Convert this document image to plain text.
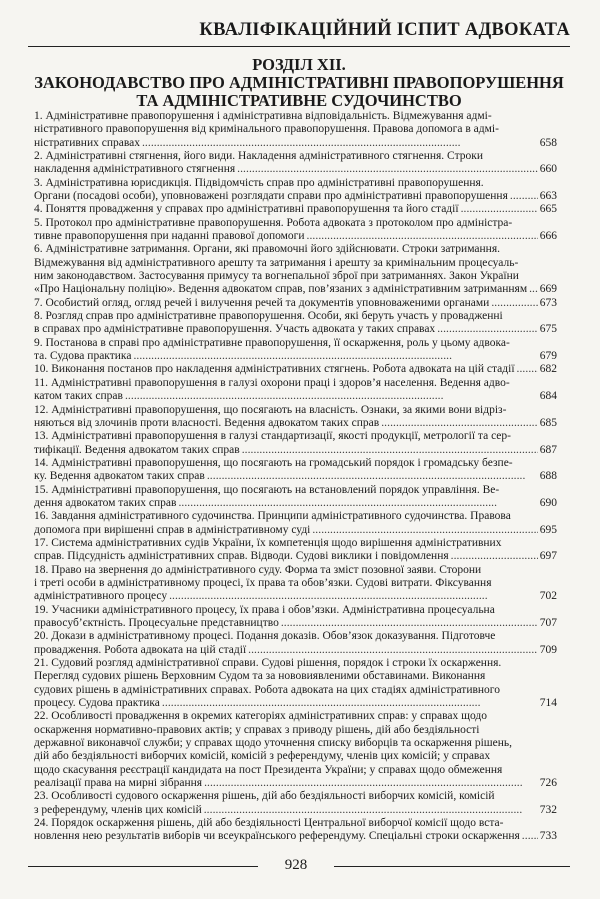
КВАЛІФІКАЦІЙНИЙ ІСПИТ АДВОКАТА
РОЗДІЛ XII.
ЗАКОНОДАВСТВО ПРО АДМІНІСТРАТИВНІ ПРАВОПОРУШЕННЯ
ТА АДМІНІСТРАТИВНЕ СУДОЧИНСТВО
1. Адміністративне правопорушення і адміністративна відповідальність. Відмежування адмі-
ністративного правопорушення від кримінального правопорушення. Правова допомога в адмі-
ністративних справах . . .	658
2. Адміністративні стягнення, його види. Накладення адміністративного стягнення. Строки
накладення адміністративного стягнення . . .	660
3. Адміністративна юрисдикція. Підвідомчість справ про адміністративні правопорушення.
Органи (посадові особи), уповноважені розглядати справи про адміністративні правопорушення . . .	663
4. Поняття провадження у справах про адміністративні правопорушення та його стадії . . .	665
5. Протокол про адміністративне правопорушення. Робота адвоката з протоколом про адміністра-
тивне правопорушення при наданні правової допомоги . . .	666
6. Адміністративне затримання. Органи, які правомочні його здійснювати. Строки затримання.
Відмежування від адміністративного арешту та затримання і арешту за кримінальним процесуаль-
ним законодавством. Застосування примусу та вогнепальної зброї при затриманнях. Закон України
«Про Національну поліцію». Ведення адвокатом справ, пов’язаних з адміністративним затриманням . . . 669
7. Особистий огляд, огляд речей і вилучення речей та документів уповноваженими органами . . .	673
8. Розгляд справ про адміністративне правопорушення. Особи, які беруть участь у провадженні
в справах про адміністративне правопорушення. Участь адвоката у таких справах . . .	675
9. Постанова в справі про адміністративне правопорушення, її оскарження, роль у цьому адвока-
та. Судова практика . . .	679
10. Виконання постанов про накладення адміністративних стягнень. Робота адвоката на цій стадії . . . 682
11. Адміністративні правопорушення в галузі охорони праці і здоров’я населення. Ведення адво-
катом таких справ . . .	684
12. Адміністративні правопорушення, що посягають на власність. Ознаки, за якими вони відріз-
няються від злочинів проти власності. Ведення адвокатом таких справ . . .	685
13. Адміністративні правопорушення в галузі стандартизації, якості продукції, метрології та сер-
тифікації. Ведення адвокатом таких справ . . .	687
14. Адміністративні правопорушення, що посягають на громадський порядок і громадську безпе-
ку. Ведення адвокатом таких справ . . .	688
15. Адміністративні правопорушення, що посягають на встановлений порядок управління. Ве-
дення адвокатом таких справ . . .	690
16. Завдання адміністративного судочинства. Принципи адміністративного судочинства. Правова
допомога при вирішенні справ в адміністративному суді . . .	695
17. Система адміністративних судів України, їх компетенція щодо вирішення адміністративних
справ. Підсудність адміністративних справ. Відводи. Судові виклики і повідомлення . . .	697
18. Право на звернення до адміністративного суду. Форма та зміст позовної заяви. Сторони
і треті особи в адміністративному процесі, їх права та обов’язки. Судові витрати. Фіксування
адміністративного процесу . . .	702
19. Учасники адміністративного процесу, їх права і обов’язки. Адміністративна процесуальна
правосуб’єктність. Процесуальне представництво . . .	707
20. Докази в адміністративному процесі. Подання доказів. Обов’язок доказування. Підготовче
провадження. Робота адвоката на цій стадії . . .	709
21. Судовий розгляд адміністративної справи. Судові рішення, порядок і строки їх оскарження.
Перегляд судових рішень Верховним Судом та за нововиявленими обставинами. Виконання
судових рішень в адміністративних справах. Робота адвоката на цих стадіях адміністративного
процесу. Судова практика . . .	714
22. Особливості провадження в окремих категоріях адміністративних справ: у справах щодо
оскарження нормативно-правових актів; у справах з приводу рішень, дій або бездіяльності
державної виконавчої служби; у справах щодо уточнення списку виборців та оскарження рішень,
дій або бездіяльності виборчих комісій, комісій з референдуму, членів цих комісій; у справах
щодо скасування реєстрації кандидата на пост Президента України; у справах щодо обмеження
реалізації права на мирні зібрання . . .	726
23. Особливості судового оскарження рішень, дій або бездіяльності виборчих комісій, комісій
з референдуму, членів цих комісій . . .	732
24. Порядок оскарження рішень, дій або бездіяльності Центральної виборчої комісії щодо вста-
новлення нею результатів виборів чи всеукраїнського референдуму. Спеціальні строки оскарження . . . 733
928
